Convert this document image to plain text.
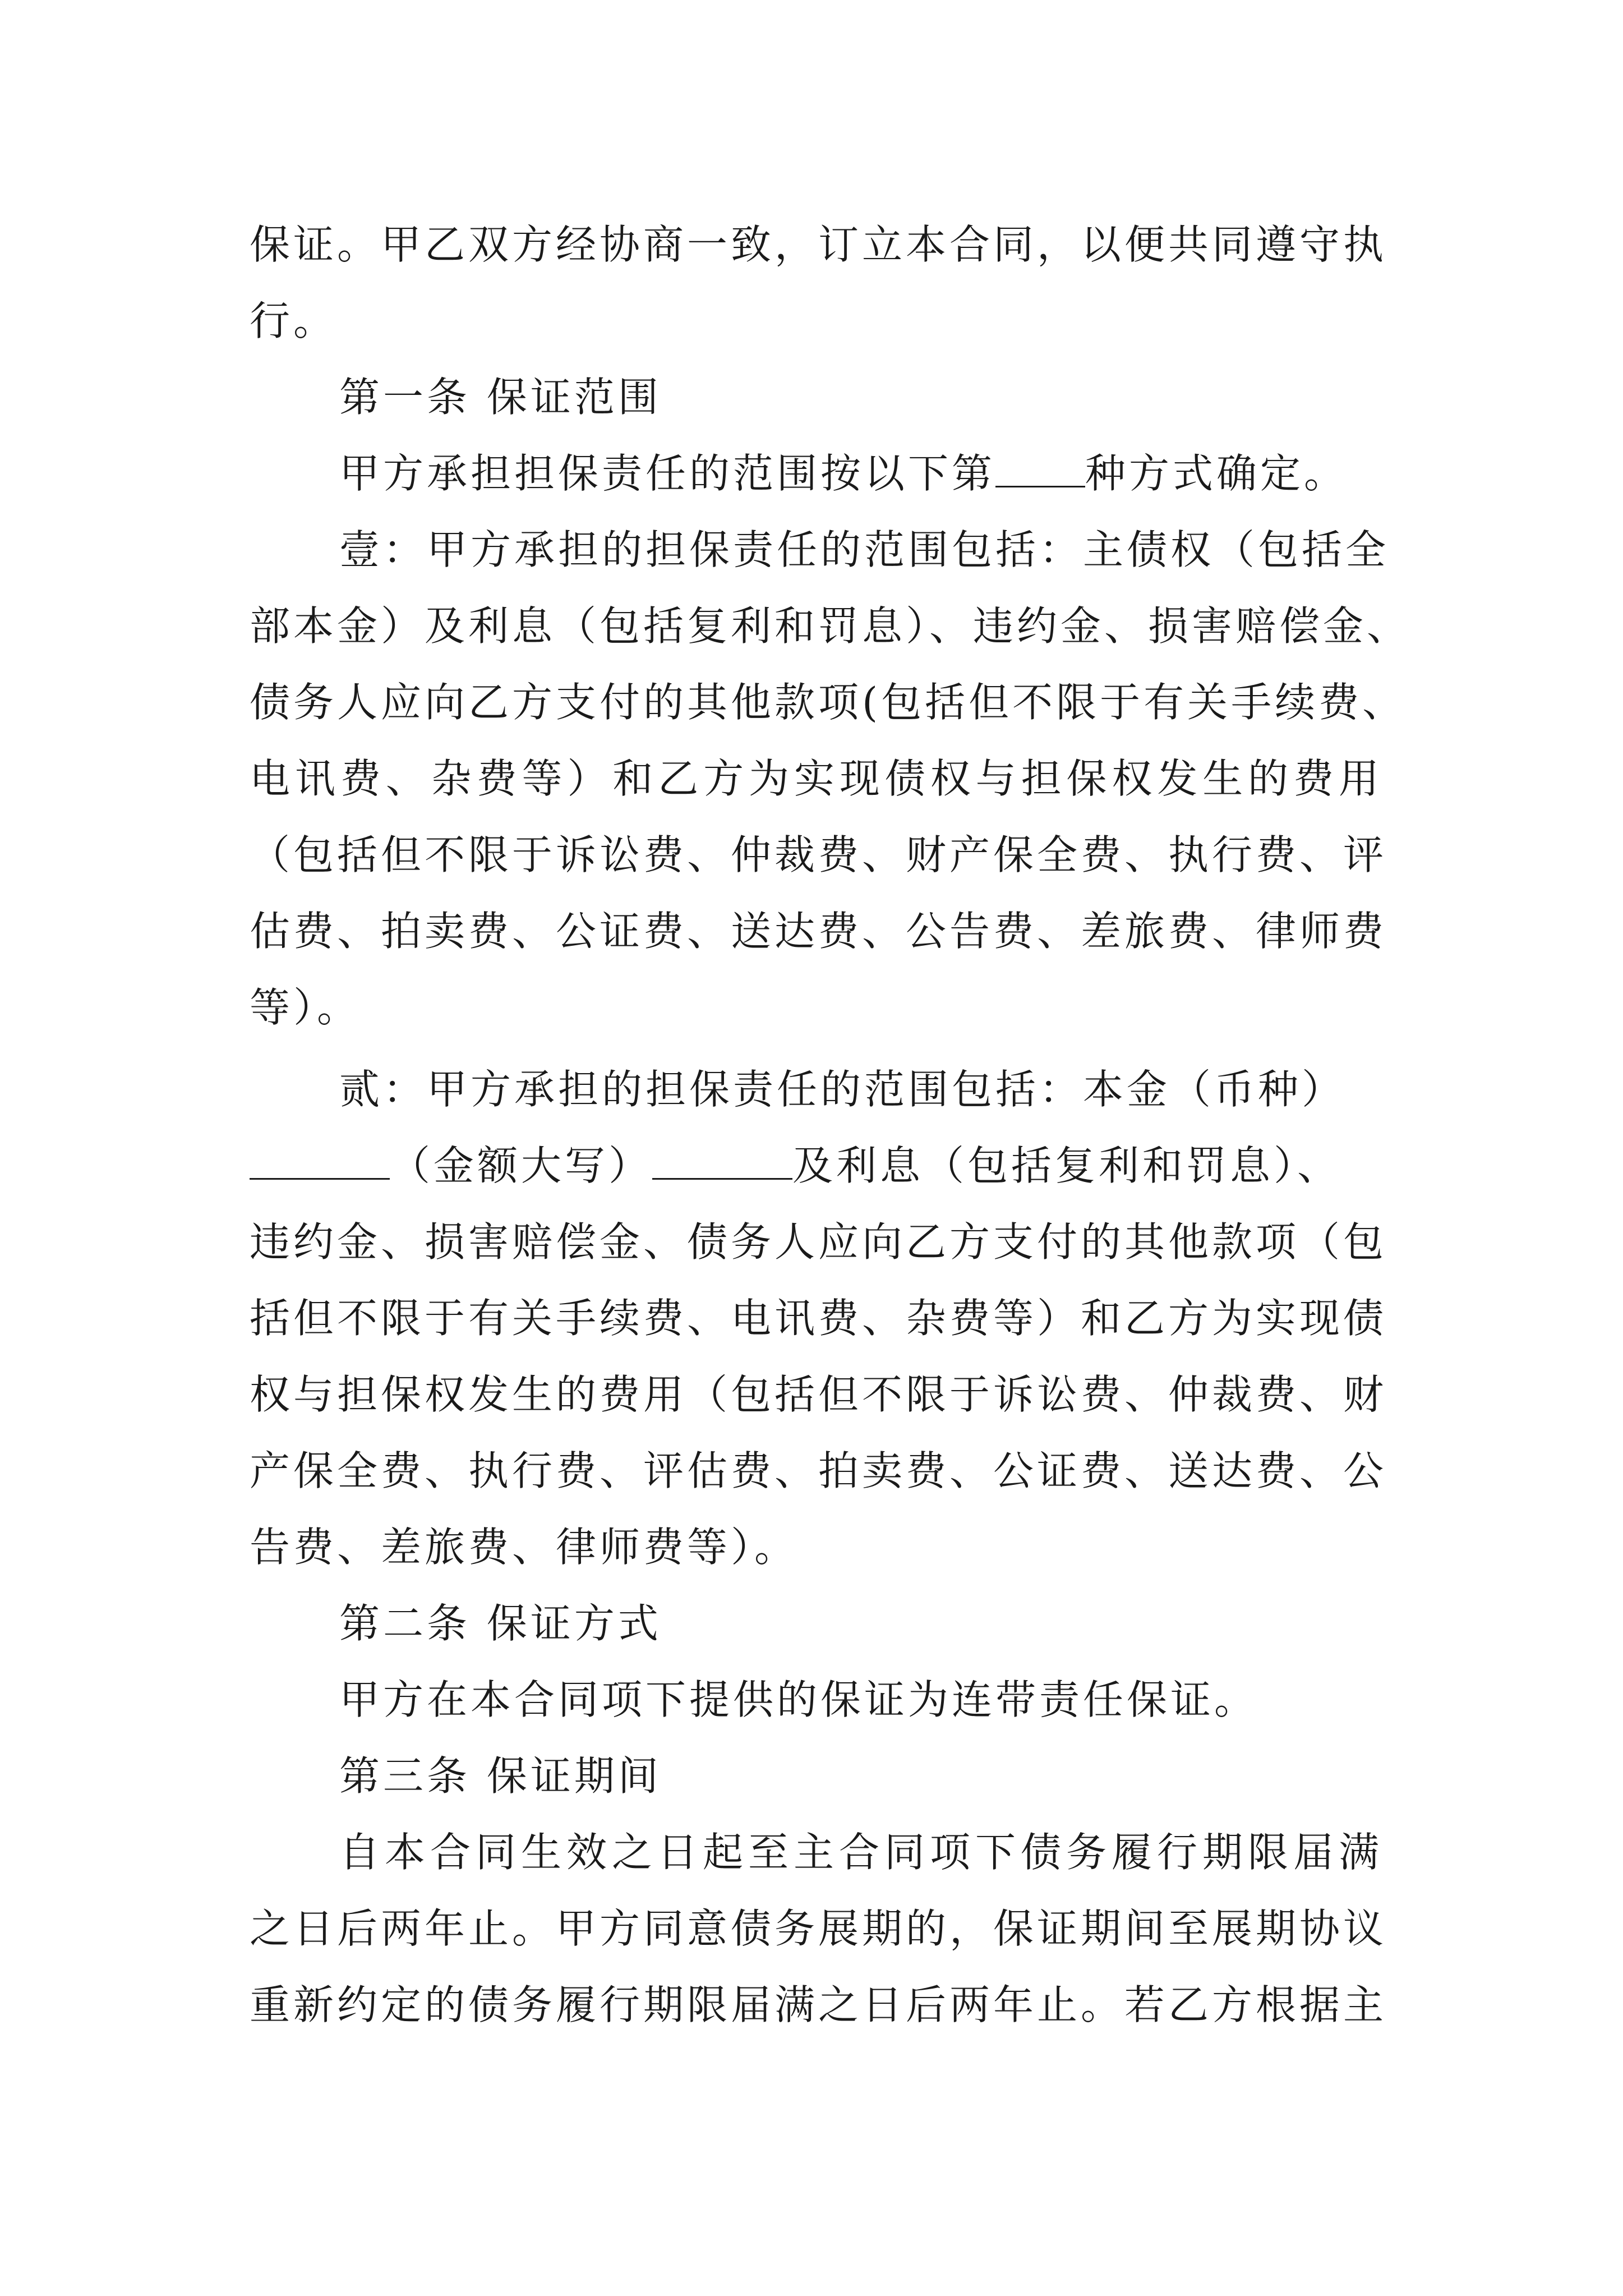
保证。甲乙双方经协商一致，订立本合同，以便共同遵守执
行。
第一条 保证范围
甲方承担担保责任的范围按以下第 种方式确定。
壹：甲方承担的担保责任的范围包括：主债权（包括全
部本金）及利息（包括复利和罚息）、违约金、损害赔偿金、
债务人应向乙方支付的其他款项(包括但不限于有关手续费、
电讯费、杂费等）和乙方为实现债权与担保权发生的费用
（包括但不限于诉讼费、仲裁费、财产保全费、执行费、评
估费、拍卖费、公证费、送达费、公告费、差旅费、律师费
等）。
贰：甲方承担的担保责任的范围包括：本金（币种）
（金额大写）	及利息（包括复利和罚息）、
违约金、损害赔偿金、债务人应向乙方支付的其他款项（包
括但不限于有关手续费、电讯费、杂费等）和乙方为实现债
权与担保权发生的费用（包括但不限于诉讼费、仲裁费、财
产保全费、执行费、评估费、拍卖费、公证费、送达费、公
告费、差旅费、律师费等）。
第二条 保证方式
甲方在本合同项下提供的保证为连带责任保证。
第三条 保证期间
自本合同生效之日起至主合同项下债务履行期限届满
之日后两年止。甲方同意债务展期的，保证期间至展期协议
重新约定的债务履行期限届满之日后两年止。若乙方根据主
